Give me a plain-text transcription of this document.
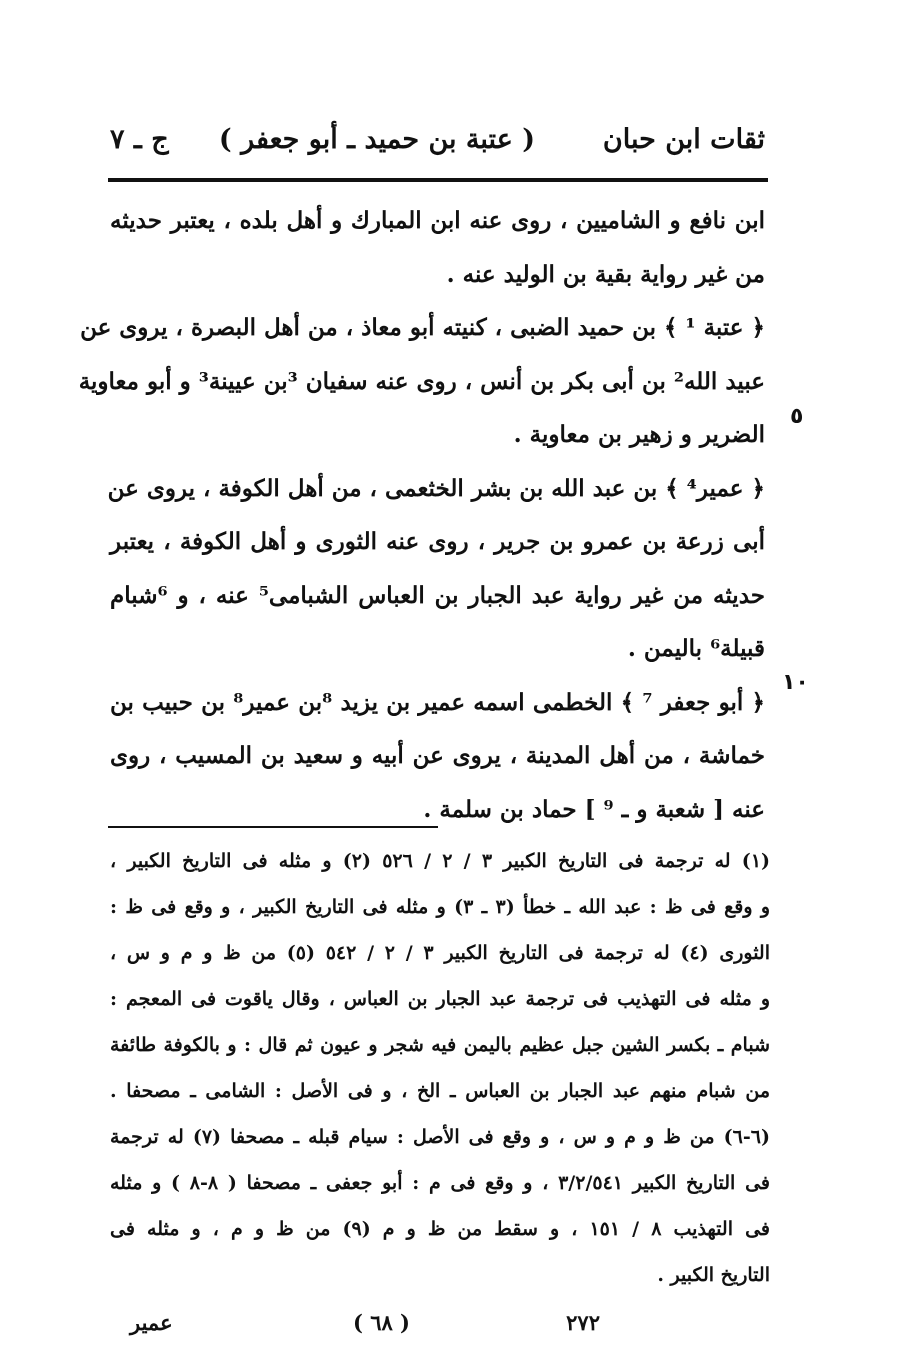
ثقات ابن حبان
( عتبة بن حميد ـ أبو جعفر )
ج ـ ٧
ابن نافع و الشاميين ، روى عنه ابن المبارك و أهل بلده ، يعتبر حديثه
من غير رواية بقية بن الوليد عنه .
﴿ عتبة ¹ ﴾ بن حميد الضبى ، كنيته أبو معاذ ، من أهل البصرة ، يروى عن
عبيد الله² بن أبى بكر بن أنس ، روى عنه سفيان ³بن عيينة³ و أبو معاوية
الضرير و زهير بن معاوية .
﴿ عمير⁴ ﴾ بن عبد الله بن بشر الخثعمى ، من أهل الكوفة ، يروى عن
أبى زرعة بن عمرو بن جرير ، روى عنه الثورى و أهل الكوفة ، يعتبر
حديثه من غير رواية عبد الجبار بن العباس الشبامى⁵ عنه ، و ⁶شبام
قبيلة⁶ باليمن .
﴿ أبو جعفر ⁷ ﴾ الخطمى اسمه عمير بن يزيد ⁸بن عمير⁸ بن حبيب بن
خماشة ، من أهل المدينة ، يروى عن أبيه و سعيد بن المسيب ، روى
عنه [ شعبة و ـ ⁹ ] حماد بن سلمة .
٥
١٠
(١) له ترجمة فى التاريخ الكبير ٣ / ٢ / ٥٢٦ (٢) و مثله فى التاريخ الكبير ،
و وقع فى ظ : عبد الله ـ خطأ (٣ ـ ٣) و مثله فى التاريخ الكبير ، و وقع فى ظ :
الثورى (٤) له ترجمة فى التاريخ الكبير ٣ / ٢ / ٥٤٢ (٥) من ظ و م و س ،
و مثله فى التهذيب فى ترجمة عبد الجبار بن العباس ، وقال ياقوت فى المعجم :
شبام ـ بكسر الشين جبل عظيم باليمن فيه شجر و عيون ثم قال : و بالكوفة طائفة
من شبام منهم عبد الجبار بن العباس ـ الخ ، و فى الأصل : الشامى ـ مصحفا .
(٦-٦) من ظ و م و س ، و وقع فى الأصل : سيام قبله ـ مصحفا (٧) له ترجمة
فى التاريخ الكبير ٣/٢/٥٤١ ، و وقع فى م : أبو جعفى ـ مصحفا ( ٨-٨ ) و مثله
فى التهذيب ٨ / ١٥١ ، و سقط من ظ و م (٩) من ظ و م ، و مثله فى
التاريخ الكبير .
٢٧٢
( ٦٨ )
عمير
